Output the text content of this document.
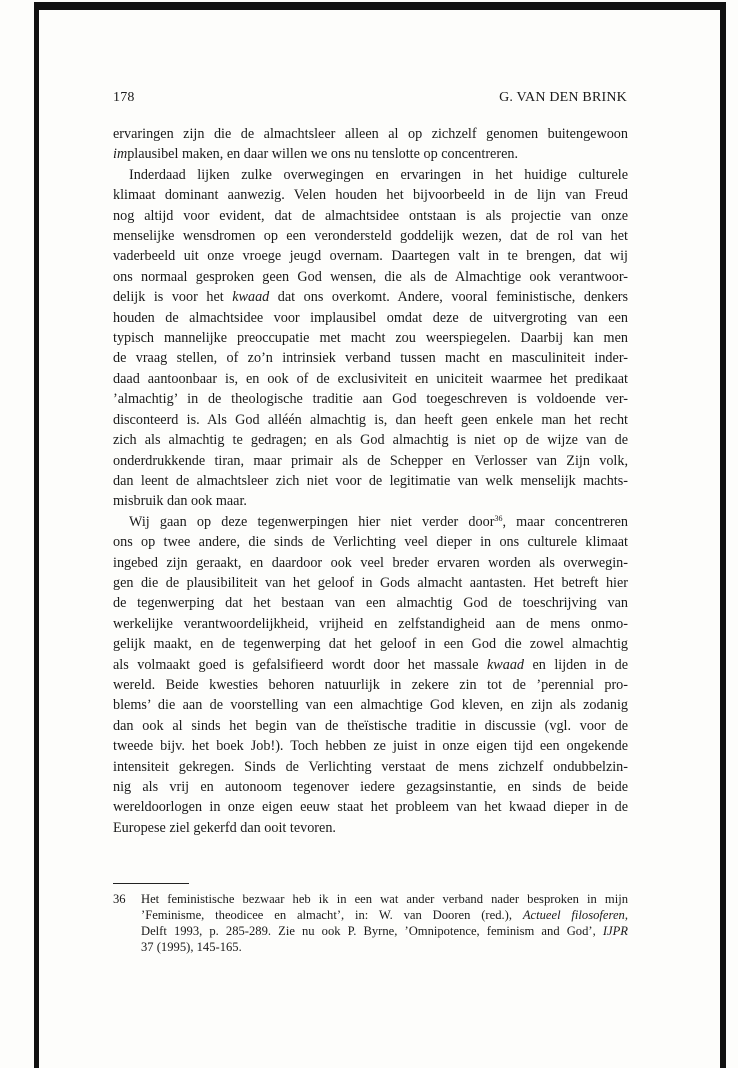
178	G. VAN DEN BRINK
ervaringen zijn die de almachtsleer alleen al op zichzelf genomen buitengewoon
implausibel maken, en daar willen we ons nu tenslotte op concentreren.
Inderdaad lijken zulke overwegingen en ervaringen in het huidige culturele
klimaat dominant aanwezig. Velen houden het bijvoorbeeld in de lijn van Freud
nog altijd voor evident, dat de almachtsidee ontstaan is als projectie van onze
menselijke wensdromen op een verondersteld goddelijk wezen, dat de rol van het
vaderbeeld uit onze vroege jeugd overnam. Daartegen valt in te brengen, dat wij
ons normaal gesproken geen God wensen, die als de Almachtige ook verantwoor-
delijk is voor het kwaad dat ons overkomt. Andere, vooral feministische, denkers
houden de almachtsidee voor implausibel omdat deze de uitvergroting van een
typisch mannelijke preoccupatie met macht zou weerspiegelen. Daarbij kan men
de vraag stellen, of zo’n intrinsiek verband tussen macht en masculiniteit inder-
daad aantoonbaar is, en ook of de exclusiviteit en uniciteit waarmee het predikaat
’almachtig’ in de theologische traditie aan God toegeschreven is voldoende ver-
disconteerd is. Als God alléén almachtig is, dan heeft geen enkele man het recht
zich als almachtig te gedragen; en als God almachtig is niet op de wijze van de
onderdrukkende tiran, maar primair als de Schepper en Verlosser van Zijn volk,
dan leent de almachtsleer zich niet voor de legitimatie van welk menselijk machts-
misbruik dan ook maar.
Wij gaan op deze tegenwerpingen hier niet verder door$^{36}$, maar concentreren
ons op twee andere, die sinds de Verlichting veel dieper in ons culturele klimaat
ingebed zijn geraakt, en daardoor ook veel breder ervaren worden als overwegin-
gen die de plausibiliteit van het geloof in Gods almacht aantasten. Het betreft hier
de tegenwerping dat het bestaan van een almachtig God de toeschrijving van
werkelijke verantwoordelijkheid, vrijheid en zelfstandigheid aan de mens onmo-
gelijk maakt, en de tegenwerping dat het geloof in een God die zowel almachtig
als volmaakt goed is gefalsifieerd wordt door het massale kwaad en lijden in de
wereld. Beide kwesties behoren natuurlijk in zekere zin tot de ’perennial pro-
blems’ die aan de voorstelling van een almachtige God kleven, en zijn als zodanig
dan ook al sinds het begin van de theïstische traditie in discussie (vgl. voor de
tweede bijv. het boek Job!). Toch hebben ze juist in onze eigen tijd een ongekende
intensiteit gekregen. Sinds de Verlichting verstaat de mens zichzelf ondubbelzin-
nig als vrij en autonoom tegenover iedere gezagsinstantie, en sinds de beide
wereldoorlogen in onze eigen eeuw staat het probleem van het kwaad dieper in de
Europese ziel gekerfd dan ooit tevoren.
36 Het feministische bezwaar heb ik in een wat ander verband nader besproken in mijn
’Feminisme, theodicee en almacht’, in: W. van Dooren (red.), Actueel filosoferen,
Delft 1993, p. 285-289. Zie nu ook P. Byrne, ’Omnipotence, feminism and God’, IJPR
37 (1995), 145-165.
